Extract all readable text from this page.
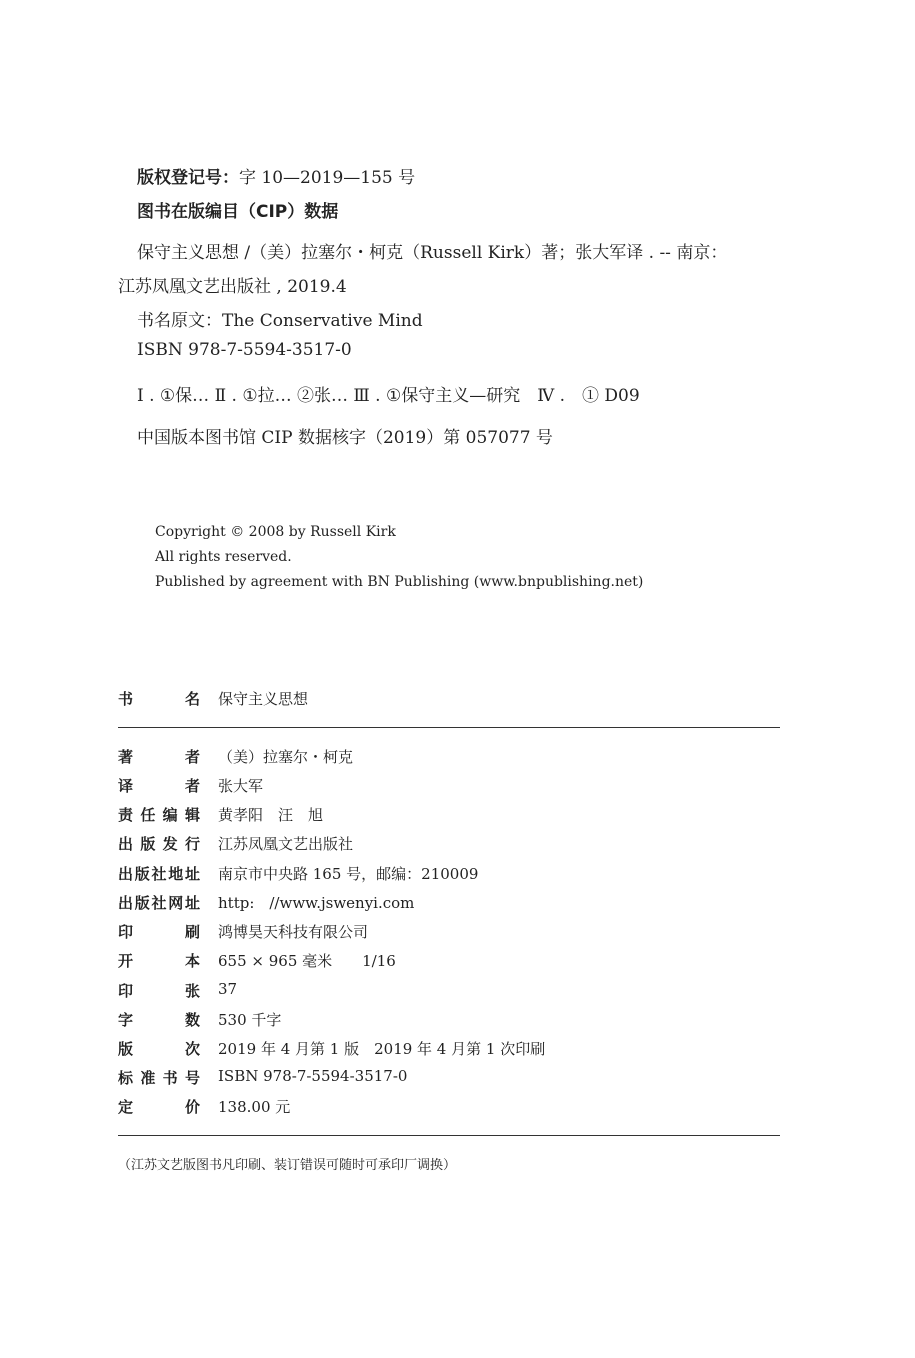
版权登记号：字 10—2019—155 号
图书在版编目（CIP）数据
保守主义思想 /（美）拉塞尔・柯克（Russell Kirk）著；张大军译 . -- 南京：
江苏凤凰文艺出版社 , 2019.4
书名原文：The Conservative Mind
ISBN 978-7-5594-3517-0
Ⅰ . ①保… Ⅱ . ①拉… ②张… Ⅲ . ①保守主义—研究　Ⅳ .　① D09
中国版本图书馆 CIP 数据核字（2019）第 057077 号
Copyright © 2008 by Russell Kirk
All rights reserved.
Published by agreement with BN Publishing (www.bnpublishing.net)
书名 保守主义思想
著者 （美）拉塞尔・柯克
译者 张大军
责任编辑 黄孝阳　汪　旭
出版发行 江苏凤凰文艺出版社
出版社地址 南京市中央路 165 号，邮编：210009
出版社网址 http:　//www.jswenyi.com
印刷 鸿博昊天科技有限公司
开本 655 × 965 毫米　　1/16
印张 37
字数 530 千字
版次 2019 年 4 月第 1 版　2019 年 4 月第 1 次印刷
标准书号 ISBN 978-7-5594-3517-0
定价 138.00 元
（江苏文艺版图书凡印刷、装订错误可随时可承印厂调换）
